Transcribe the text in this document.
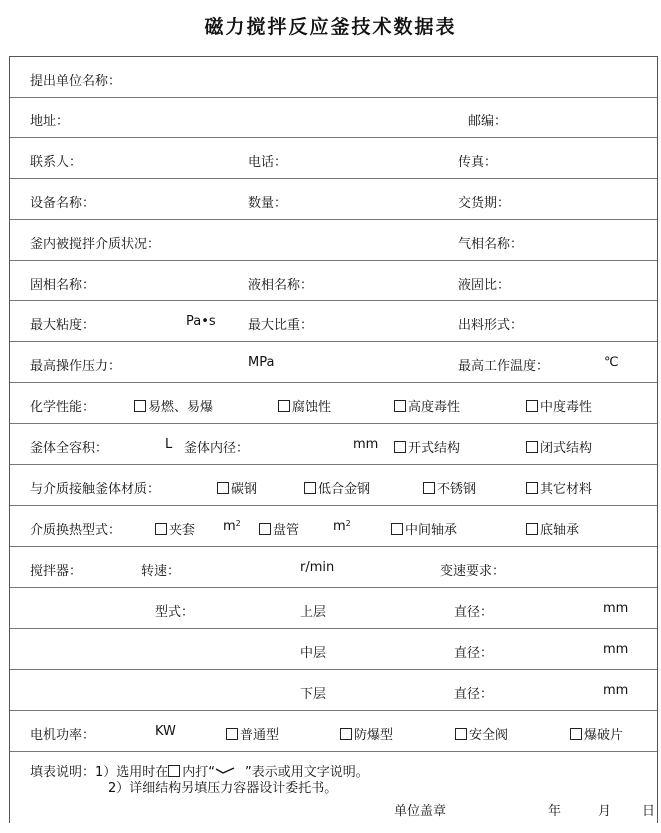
磁力搅拌反应釜技术数据表
提出单位名称：
地址：	邮编：
联系人：	电话：	传真：
设备名称：	数量：	交货期：
釜内被搅拌介质状况：	气相名称：
固相名称：	液相名称：	液固比：
最大粘度：	Pa•s 最大比重：	出料形式：
最高操作压力：	MPa	最高工作温度：	℃
化学性能：	易燃、易爆	腐蚀性	高度毒性	中度毒性
釜体全容积：	L 釜体内径：	mm	开式结构	闭式结构
与介质接触釜体材质：	碳钢	低合金钢	不锈钢	其它材料
介质换热型式：	夹套 $m^2$	盘管	$m^2$	中间轴承	底轴承
搅拌器：	转速：	r/min	变速要求：
型式：	上层	直径：	mm
中层	直径：	mm
下层	直径：	mm
电机功率：	KW	普通型	防爆型	安全阀	爆破片
填表说明：1）选用时在 内打“ ”表示或用文字说明。
2）详细结构另填压力容器设计委托书。
单位盖章	年	月 日
